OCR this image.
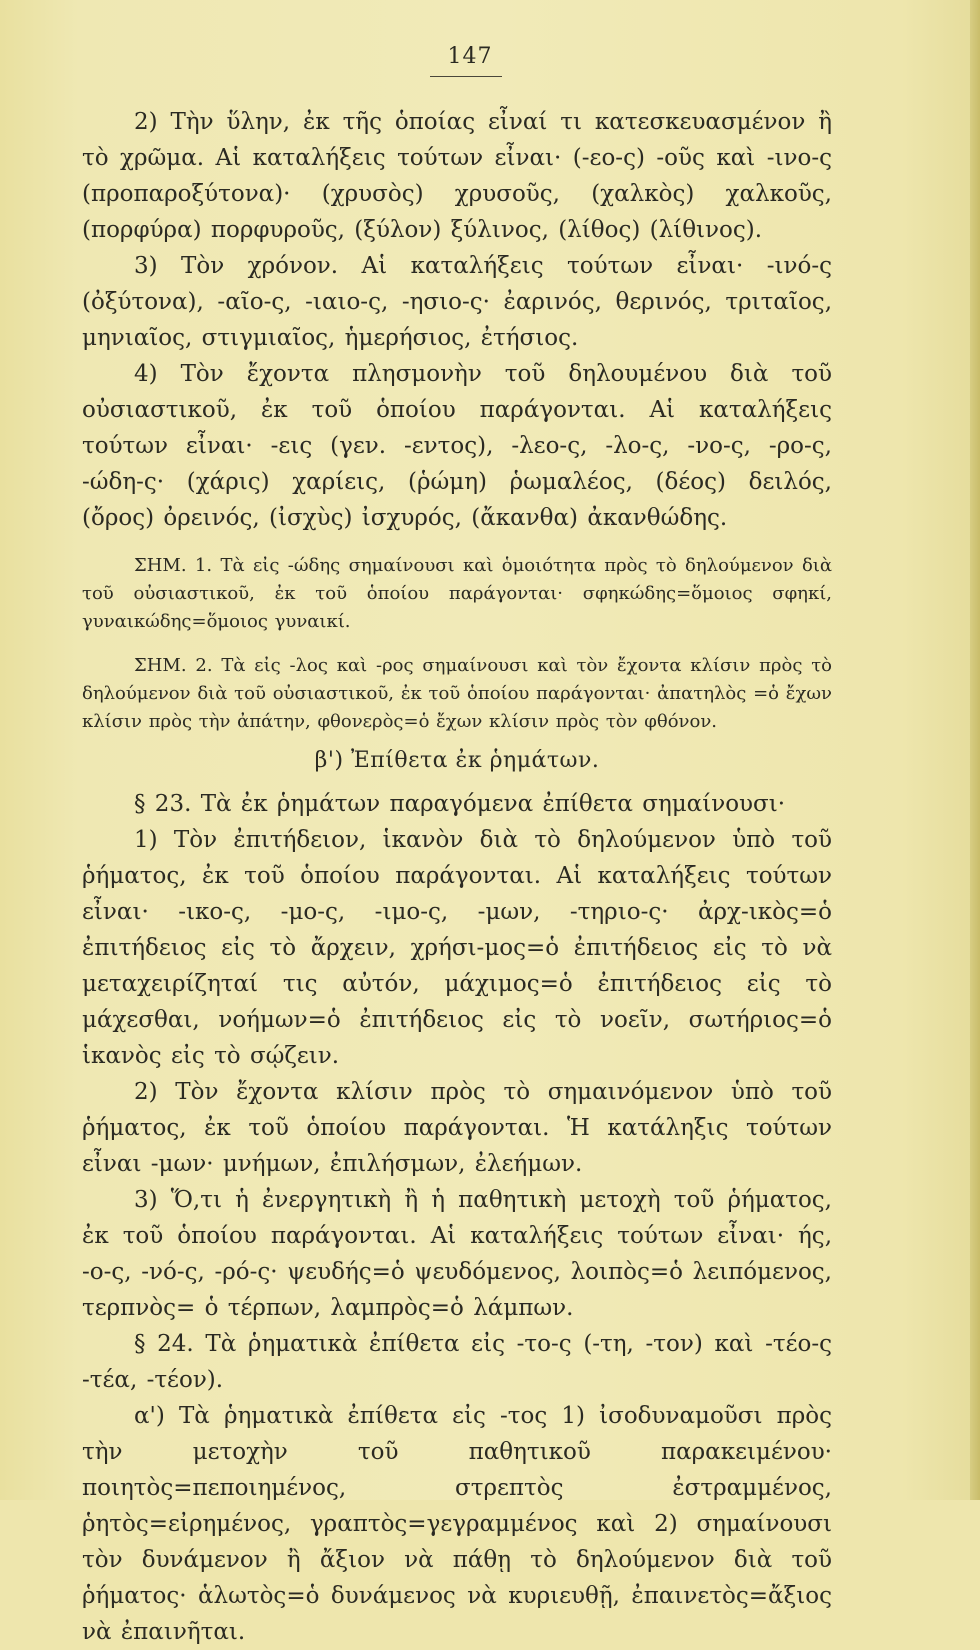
147

2) Τὴν ὕλην, ἐκ τῆς ὁποίας εἶναί τι κατεσκευασμένον ἢ τὸ χρῶμα. Αἱ καταλήξεις τούτων εἶναι· (-εο-ς) -οῦς καὶ -ινο-ς (προπαροξύτονα)· (χρυσὸς) χρυσοῦς, (χαλκὸς) χαλκοῦς, (πορφύρα) πορφυροῦς, (ξύλον) ξύλινος, (λίθος) (λίθινος).

3) Τὸν χρόνον. Αἱ καταλήξεις τούτων εἶναι· -ινό-ς (ὀξύτονα), -αῖο-ς, -ιαιο-ς, -ησιο-ς· ἐαρινός, θερινός, τριταῖος, μηνιαῖος, στιγμιαῖος, ἡμερήσιος, ἐτήσιος.

4) Τὸν ἔχοντα πλησμονὴν τοῦ δηλουμένου διὰ τοῦ οὐσιαστικοῦ, ἐκ τοῦ ὁποίου παράγονται. Αἱ καταλήξεις τούτων εἶναι· -εις (γεν. -εντος), -λεο-ς, -λο-ς, -νο-ς, -ρο-ς, -ώδη-ς· (χάρις) χαρίεις, (ῥώμη) ῥωμαλέος, (δέος) δειλός, (ὄρος) ὀρεινός, (ἰσχὺς) ἰσχυρός, (ἄκανθα) ἀκανθώδης.

ΣΗΜ. 1. Τὰ εἰς -ώδης σημαίνουσι καὶ ὁμοιότητα πρὸς τὸ δηλούμενον διὰ τοῦ οὐσιαστικοῦ, ἐκ τοῦ ὁποίου παράγονται· σφηκώδης=ὅμοιος σφηκί, γυναικώδης=ὅμοιος γυναικί.
ΣΗΜ. 2. Τὰ εἰς -λος καὶ -ρος σημαίνουσι καὶ τὸν ἔχοντα κλίσιν πρὸς τὸ δηλούμενον διὰ τοῦ οὐσιαστικοῦ, ἐκ τοῦ ὁποίου παράγονται· ἀπατηλὸς =ὁ ἔχων κλίσιν πρὸς τὴν ἀπάτην, φθονερὸς=ὁ ἔχων κλίσιν πρὸς τὸν φθόνον.
β') Ἐπίθετα ἐκ ῥημάτων.

§ 23. Τὰ ἐκ ῥημάτων παραγόμενα ἐπίθετα σημαίνουσι·

1) Τὸν ἐπιτήδειον, ἱκανὸν διὰ τὸ δηλούμενον ὑπὸ τοῦ ῥήματος, ἐκ τοῦ ὁποίου παράγονται. Αἱ καταλήξεις τούτων εἶναι· -ικο-ς, -μο-ς, -ιμο-ς, -μων, -τηριο-ς· ἀρχ-ικὸς=ὁ ἐπιτήδειος εἰς τὸ ἄρχειν, χρήσι-μος=ὁ ἐπιτήδειος εἰς τὸ νὰ μεταχειρίζηταί τις αὐτόν, μάχιμος=ὁ ἐπιτήδειος εἰς τὸ μάχεσθαι, νοήμων=ὁ ἐπιτήδειος εἰς τὸ νοεῖν, σωτήριος=ὁ ἱκανὸς εἰς τὸ σῴζειν.

2) Τὸν ἔχοντα κλίσιν πρὸς τὸ σημαινόμενον ὑπὸ τοῦ ῥήματος, ἐκ τοῦ ὁποίου παράγονται. Ἡ κατάληξις τούτων εἶναι -μων· μνήμων, ἐπιλήσμων, ἐλεήμων.

3) Ὅ,τι ἡ ἐνεργητικὴ ἢ ἡ παθητικὴ μετοχὴ τοῦ ῥήματος, ἐκ τοῦ ὁποίου παράγονται. Αἱ καταλήξεις τούτων εἶναι· ής, -ο-ς, -νό-ς, -ρό-ς· ψευδής=ὁ ψευδόμενος, λοιπὸς=ὁ λειπόμενος, τερπνὸς= ὁ τέρπων, λαμπρὸς=ὁ λάμπων.

§ 24. Τὰ ῥηματικὰ ἐπίθετα εἰς -το-ς (-τη, -τον) καὶ -τέο-ς -τέα, -τέον).

α') Τὰ ῥηματικὰ ἐπίθετα εἰς -τος 1) ἰσοδυναμοῦσι πρὸς τὴν μετοχὴν τοῦ παθητικοῦ παρακειμένου· ποιητὸς=πεποιημένος, στρεπτὸς ἐστραμμένος, ῥητὸς=εἰρημένος, γραπτὸς=γεγραμμένος καὶ 2) σημαίνουσι τὸν δυνάμενον ἢ ἄξιον νὰ πάθῃ τὸ δηλούμενον διὰ τοῦ ῥήματος· ἁλωτὸς=ὁ δυνάμενος νὰ κυριευθῇ, ἐπαινετὸς=ἄξιος νὰ ἐπαινῆται.
